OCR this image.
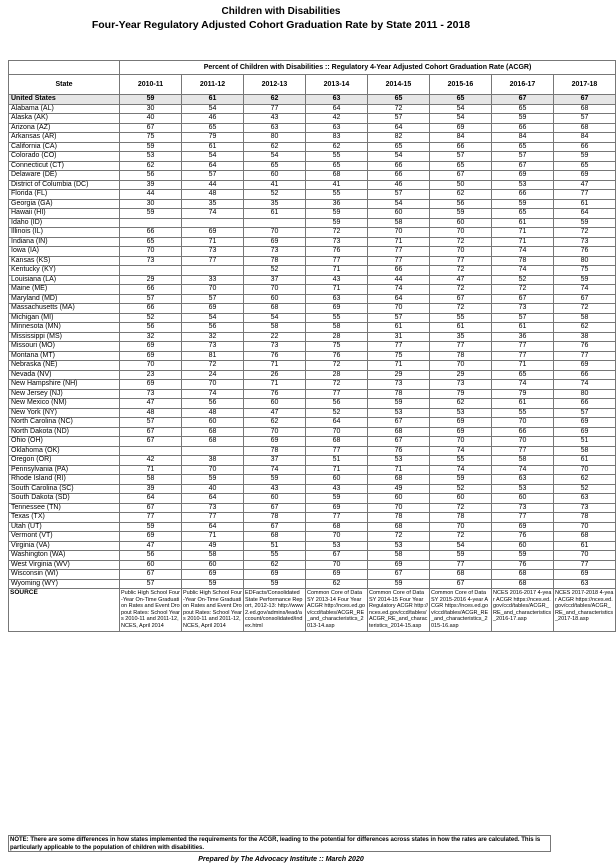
Children with Disabilities
Four-Year Regulatory Adjusted Cohort Graduation Rate by State 2011 - 2018
	Percent of Children with Disabilities :: Regulatory 4-Year Adjusted Cohort Graduation Rate (ACGR)							
State	2010-11	2011-12	2012-13	2013-14	2014-15	2015-16	2016-17	2017-18
United States	59	61	62	63	65	65	67	67
Alabama (AL)	30	54	77	64	72	54	65	68
Alaska (AK)	40	46	43	42	57	54	59	57
Arizona (AZ)	67	65	63	63	64	69	66	68
Arkansas (AR)	75	79	80	83	82	84	84	84
California (CA)	59	61	62	62	65	66	65	66
Colorado (CO)	53	54	54	55	54	57	57	59
Connecticut (CT)	62	64	65	65	66	65	67	65
Delaware (DE)	56	57	60	68	66	67	69	69
District of Columbia (DC)	39	44	41	41	46	50	53	47
Florida (FL)	44	48	52	55	57	62	66	77
Georgia (GA)	30	35	35	36	54	56	59	61
Hawaii (HI)	59	74	61	59	60	59	65	64
Idaho (ID)				59	58	60	61	59
Illinois (IL)	66	69	70	72	70	70	71	72
Indiana (IN)	65	71	69	73	71	72	71	73
Iowa (IA)	70	73	73	76	77	70	74	76
Kansas (KS)	73	77	78	77	77	77	78	80
Kentucky (KY)			52	71	66	72	74	75
Louisiana (LA)	29	33	37	43	44	47	52	59
Maine (ME)	66	70	70	71	74	72	72	74
Maryland (MD)	57	57	60	63	64	67	67	67
Massachusetts (MA)	66	69	68	69	70	72	73	72
Michigan (MI)	52	54	54	55	57	55	57	58
Minnesota (MN)	56	56	58	58	61	61	61	62
Mississippi (MS)	32	32	22	28	31	35	36	38
Missouri (MO)	69	73	73	75	77	77	77	76
Montana (MT)	69	81	76	76	75	78	77	77
Nebraska (NE)	70	72	71	72	71	70	71	69
Nevada (NV)	23	24	26	28	29	29	65	66
New Hampshire (NH)	69	70	71	72	73	73	74	74
New Jersey (NJ)	73	74	76	77	78	79	79	80
New Mexico (NM)	47	56	60	56	59	62	61	66
New York (NY)	48	48	47	52	53	53	55	57
North Carolina (NC)	57	60	62	64	67	69	70	69
North Dakota (ND)	67	68	70	70	68	69	66	69
Ohio (OH)	67	68	69	68	67	70	70	51
Oklahoma (OK)			78	77	76	74	77	58
Oregon (OR)	42	38	37	51	53	55	58	61
Pennsylvania (PA)	71	70	74	71	71	74	74	70
Rhode Island (RI)	58	59	59	60	68	59	63	62
South Carolina (SC)	39	40	43	43	49	52	53	52
South Dakota (SD)	64	64	60	59	60	60	60	63
Tennessee (TN)	67	73	67	69	70	72	73	73
Texas (TX)	77	77	78	77	78	78	77	78
Utah (UT)	59	64	67	68	68	70	69	70
Vermont (VT)	69	71	68	70	72	72	76	68
Virginia (VA)	47	49	51	53	53	54	60	61
Washington (WA)	56	58	55	67	58	59	59	70
West Virginia (WV)	60	60	62	70	69	77	76	77
Wisconsin (WI)	67	69	69	69	67	68	68	69
Wyoming (WY)	57	59	59	62	59	67	68	63
SOURCE	Public High School Four-Year On-Time Graduation Rates and Event Dropout Rates: School Years 2010-11 and 2011-12, NCES, April 2014	Public High School Four-Year On-Time Graduation Rates and Event Dropout Rates: School Years 2010-11 and 2011-12, NCES, April 2014	EDFacts/Consolidated State Performance Report, 2012-13: http://www2.ed.gov/admins/lead/account/consolidated/index.html	Common Core of Data SY 2013-14 Four Year ACGR http://nces.ed.gov/ccd/tables/ACGR_RE_and_characteristics_2013-14.asp	Common Core of Data SY 2014-15 Four Year Regulatory ACGR http://nces.ed.gov/ccd/tables/ACGR_RE_and_characteristics_2014-15.asp	Common Core of Data SY 2015-2016 4-year ACGR https://nces.ed.gov/ccd/tables/ACGR_RE_and_characteristics_2015-16.asp	NCES 2016-2017 4-year ACGR https://nces.ed.gov/ccd/tables/ACGR_RE_and_characteristics_2016-17.asp	NCES 2017-2018 4-year ACGR https://nces.ed.gov/ccd/tables/ACGR_RE_and_characteristics_2017-18.asp
NOTE: There are some differences in how states implemented the requirements for the ACGR, leading to the potential for differences across states in how the rates are calculated. This is particularly applicable to the population of children with disabilities.
Prepared by The Advocacy Institute :: March 2020
